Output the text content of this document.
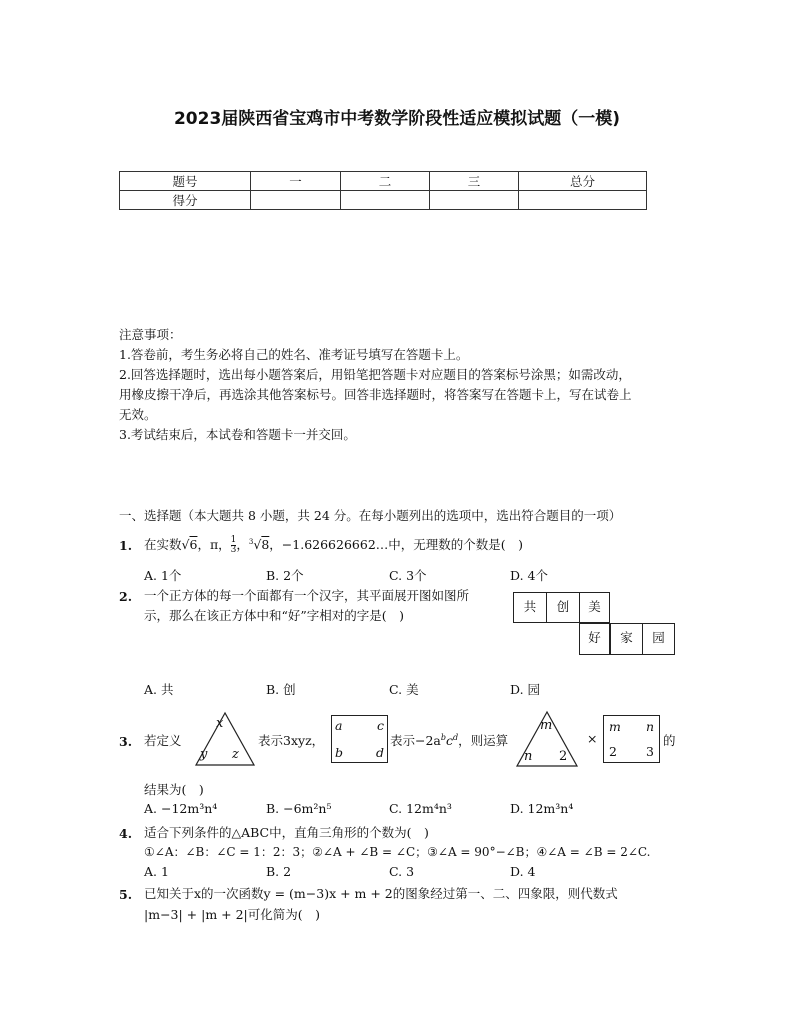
2023届陕西省宝鸡市中考数学阶段性适应模拟试题（一模)
题号	一	二	三	总分
得分				
注意事项：
1.答卷前，考生务必将自己的姓名、准考证号填写在答题卡上。
2.回答选择题时，选出每小题答案后，用铅笔把答题卡对应题目的答案标号涂黑；如需改动，
用橡皮擦干净后，再选涂其他答案标号。回答非选择题时，将答案写在答题卡上，写在试卷上
无效。
3.考试结束后，本试卷和答题卡一并交回。
一、选择题（本大题共 8 小题，共 24 分。在每小题列出的选项中，选出符合题目的一项）
1. 在实数√6，π， $\frac{1}{3}$ ，$^3$√8，−1.626626662…中，无理数的个数是(　)
A. 1个	B. 2个	C. 3个	D. 4个
2. 一个正方体的每一个面都有一个汉字，其平面展开图如图所
示，那么在该正方体中和“好”字相对的字是(　)
共	创	美
好	家	园
A. 共	B. 创	C. 美	D. 园
3. 若定义
x
y z
表示3xyz，
a	c
b	d
表示$-2a^bc^d$，则运算
m
n 2
×
m n
2 3
的
结果为(　)
A. −12m³n⁴	B. −6m²n⁵	C. 12m⁴n³	D. 12m³n⁴
4. 适合下列条件的△ABC中，直角三角形的个数为(　)
①∠A：∠B：∠C = 1：2：3；②∠A + ∠B = ∠C；③∠A = 90°−∠B；④∠A = ∠B = 2∠C.
A. 1	B. 2	C. 3	D. 4
5. 已知关于x的一次函数y = (m−3)x + m + 2的图象经过第一、二、四象限，则代数式
|m−3| + |m + 2|可化简为(　)
